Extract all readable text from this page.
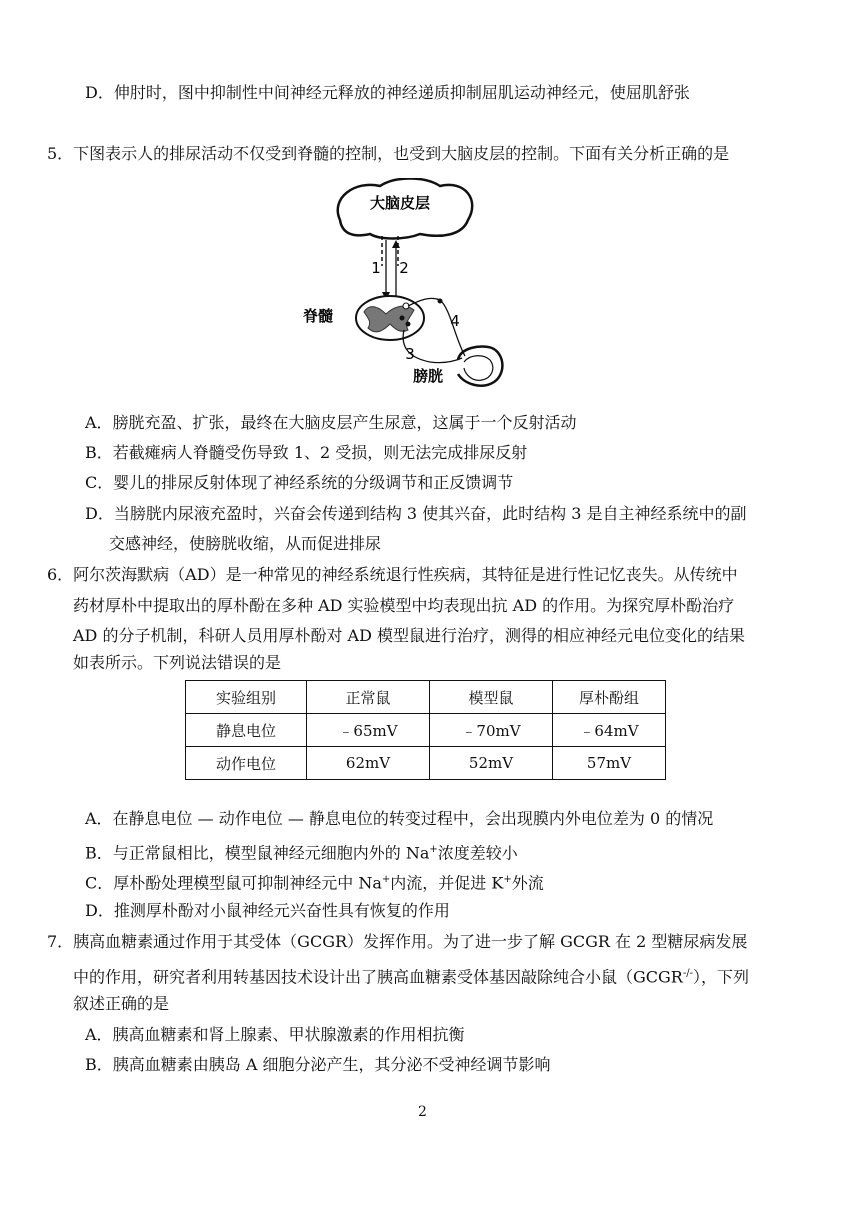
D．伸肘时，图中抑制性中间神经元释放的神经递质抑制屈肌运动神经元，使屈肌舒张
5．下图表示人的排尿活动不仅受到脊髓的控制，也受到大脑皮层的控制。下面有关分析正确的是
大脑皮层
脊髓
膀胱
1 2
3
4
A．膀胱充盈、扩张，最终在大脑皮层产生尿意，这属于一个反射活动
B．若截瘫病人脊髓受伤导致 1、2 受损，则无法完成排尿反射
C．婴儿的排尿反射体现了神经系统的分级调节和正反馈调节
D．当膀胱内尿液充盈时，兴奋会传递到结构 3 使其兴奋，此时结构 3 是自主神经系统中的副
交感神经，使膀胱收缩，从而促进排尿
6．阿尔茨海默病（AD）是一种常见的神经系统退行性疾病，其特征是进行性记忆丧失。从传统中
药材厚朴中提取出的厚朴酚在多种 AD 实验模型中均表现出抗 AD 的作用。为探究厚朴酚治疗
AD 的分子机制，科研人员用厚朴酚对 AD 模型鼠进行治疗，测得的相应神经元电位变化的结果
如表所示。下列说法错误的是
实验组别	正常鼠	模型鼠	厚朴酚组
静息电位	﹣65mV	﹣70mV	﹣64mV
动作电位	62mV	52mV	57mV
A．在静息电位 — 动作电位 — 静息电位的转变过程中，会出现膜内外电位差为 0 的情况
B．与正常鼠相比，模型鼠神经元细胞内外的 Na+浓度差较小
C．厚朴酚处理模型鼠可抑制神经元中 Na+内流，并促进 K+外流
D．推测厚朴酚对小鼠神经元兴奋性具有恢复的作用
7．胰高血糖素通过作用于其受体（GCGR）发挥作用。为了进一步了解 GCGR 在 2 型糖尿病发展
中的作用，研究者利用转基因技术设计出了胰高血糖素受体基因敲除纯合小鼠（GCGR-/-），下列
叙述正确的是
A．胰高血糖素和肾上腺素、甲状腺激素的作用相抗衡
B．胰高血糖素由胰岛 A 细胞分泌产生，其分泌不受神经调节影响
2
